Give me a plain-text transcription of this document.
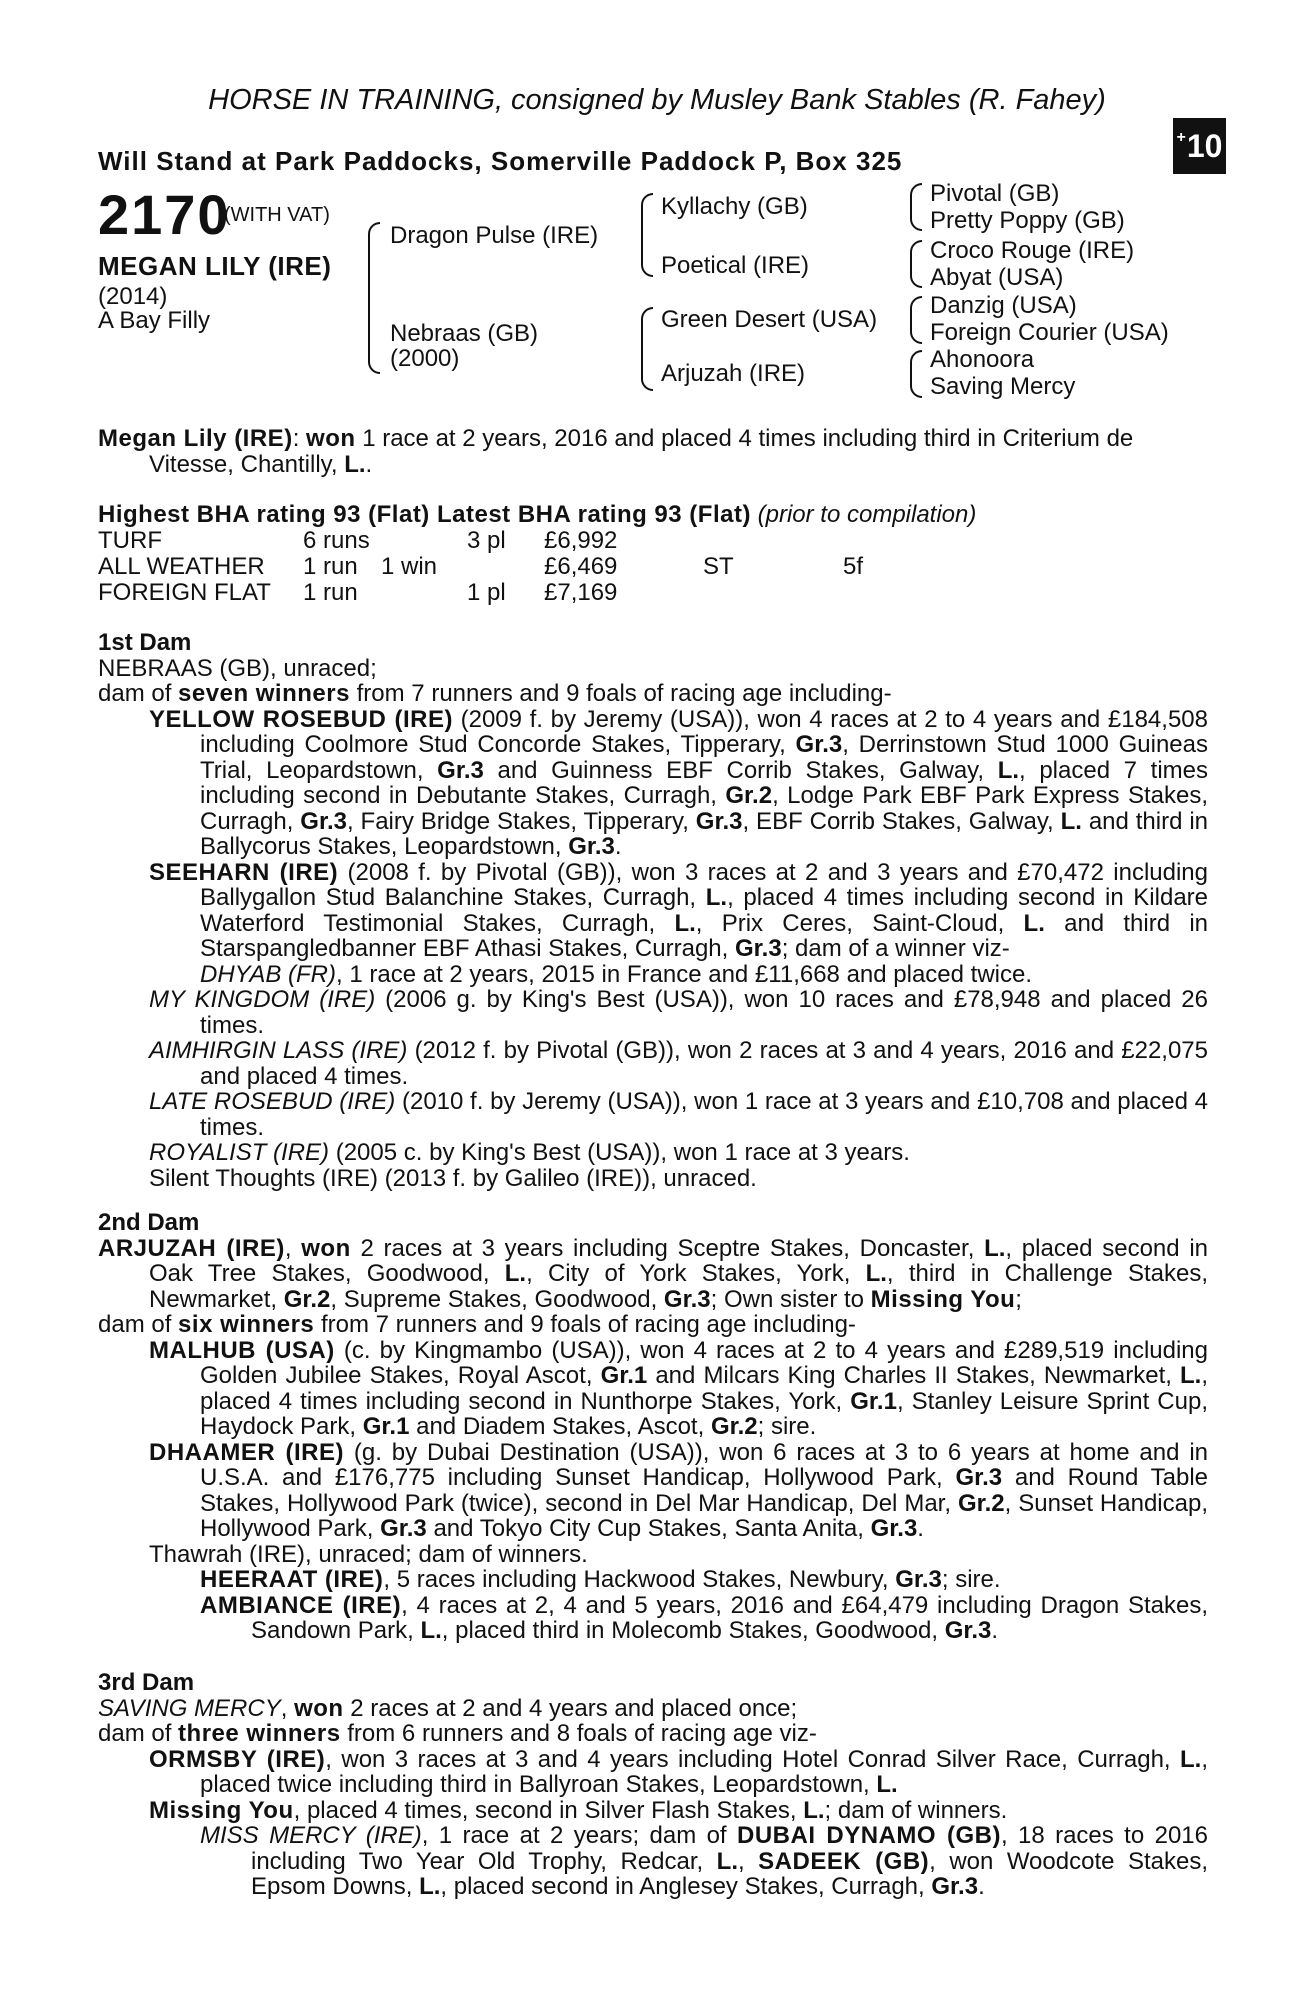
HORSE IN TRAINING, consigned by Musley Bank Stables (R. Fahey)
Will Stand at Park Paddocks, Somerville Paddock P, Box 325
+ 10
2170
(WITH VAT)
MEGAN LILY (IRE)
(2014)
A Bay Filly
Dragon Pulse (IRE)
Nebraas (GB)
(2000)
Kyllachy (GB)
Poetical (IRE)
Green Desert (USA)
Arjuzah (IRE)
Pivotal (GB)
Pretty Poppy (GB)
Croco Rouge (IRE)
Abyat (USA)
Danzig (USA)
Foreign Courier (USA)
Ahonoora
Saving Mercy

Megan Lily (IRE): won 1 race at 2 years, 2016 and placed 4 times including third in Criterium de Vitesse, Chantilly, L..

Highest BHA rating 93 (Flat) Latest BHA rating 93 (Flat) (prior to compilation)

TURF	6 runs		3 pl	£6,992		
ALL WEATHER	1 run	1 win		£6,469	ST	5f
FOREIGN FLAT	1 run		1 pl	£7,169		

1st Dam

NEBRAAS (GB), unraced;

dam of seven winners from 7 runners and 9 foals of racing age including-

YELLOW ROSEBUD (IRE) (2009 f. by Jeremy (USA)), won 4 races at 2 to 4 years and £184,508 including Coolmore Stud Concorde Stakes, Tipperary, Gr.3, Derrinstown Stud 1000 Guineas Trial, Leopardstown, Gr.3 and Guinness EBF Corrib Stakes, Galway, L., placed 7 times including second in Debutante Stakes, Curragh, Gr.2, Lodge Park EBF Park Express Stakes, Curragh, Gr.3, Fairy Bridge Stakes, Tipperary, Gr.3, EBF Corrib Stakes, Galway, L. and third in Ballycorus Stakes, Leopardstown, Gr.3.

SEEHARN (IRE) (2008 f. by Pivotal (GB)), won 3 races at 2 and 3 years and £70,472 including Ballygallon Stud Balanchine Stakes, Curragh, L., placed 4 times including second in Kildare Waterford Testimonial Stakes, Curragh, L., Prix Ceres, Saint-Cloud, L. and third in Starspangledbanner EBF Athasi Stakes, Curragh, Gr.3; dam of a winner viz-
DHYAB (FR), 1 race at 2 years, 2015 in France and £11,668 and placed twice.

MY KINGDOM (IRE) (2006 g. by King's Best (USA)), won 10 races and £78,948 and placed 26 times.

AIMHIRGIN LASS (IRE) (2012 f. by Pivotal (GB)), won 2 races at 3 and 4 years, 2016 and £22,075 and placed 4 times.

LATE ROSEBUD (IRE) (2010 f. by Jeremy (USA)), won 1 race at 3 years and £10,708 and placed 4 times.

ROYALIST (IRE) (2005 c. by King's Best (USA)), won 1 race at 3 years.

Silent Thoughts (IRE) (2013 f. by Galileo (IRE)), unraced.

2nd Dam

ARJUZAH (IRE), won 2 races at 3 years including Sceptre Stakes, Doncaster, L., placed second in Oak Tree Stakes, Goodwood, L., City of York Stakes, York, L., third in Challenge Stakes, Newmarket, Gr.2, Supreme Stakes, Goodwood, Gr.3; Own sister to Missing You;

dam of six winners from 7 runners and 9 foals of racing age including-

MALHUB (USA) (c. by Kingmambo (USA)), won 4 races at 2 to 4 years and £289,519 including Golden Jubilee Stakes, Royal Ascot, Gr.1 and Milcars King Charles II Stakes, Newmarket, L., placed 4 times including second in Nunthorpe Stakes, York, Gr.1, Stanley Leisure Sprint Cup, Haydock Park, Gr.1 and Diadem Stakes, Ascot, Gr.2; sire.

DHAAMER (IRE) (g. by Dubai Destination (USA)), won 6 races at 3 to 6 years at home and in U.S.A. and £176,775 including Sunset Handicap, Hollywood Park, Gr.3 and Round Table Stakes, Hollywood Park (twice), second in Del Mar Handicap, Del Mar, Gr.2, Sunset Handicap, Hollywood Park, Gr.3 and Tokyo City Cup Stakes, Santa Anita, Gr.3.

Thawrah (IRE), unraced; dam of winners.

HEERAAT (IRE), 5 races including Hackwood Stakes, Newbury, Gr.3; sire.

AMBIANCE (IRE), 4 races at 2, 4 and 5 years, 2016 and £64,479 including Dragon Stakes, Sandown Park, L., placed third in Molecomb Stakes, Goodwood, Gr.3.

3rd Dam

SAVING MERCY, won 2 races at 2 and 4 years and placed once;

dam of three winners from 6 runners and 8 foals of racing age viz-

ORMSBY (IRE), won 3 races at 3 and 4 years including Hotel Conrad Silver Race, Curragh, L., placed twice including third in Ballyroan Stakes, Leopardstown, L.

Missing You, placed 4 times, second in Silver Flash Stakes, L.; dam of winners.

MISS MERCY (IRE), 1 race at 2 years; dam of DUBAI DYNAMO (GB), 18 races to 2016 including Two Year Old Trophy, Redcar, L., SADEEK (GB), won Woodcote Stakes, Epsom Downs, L., placed second in Anglesey Stakes, Curragh, Gr.3.
